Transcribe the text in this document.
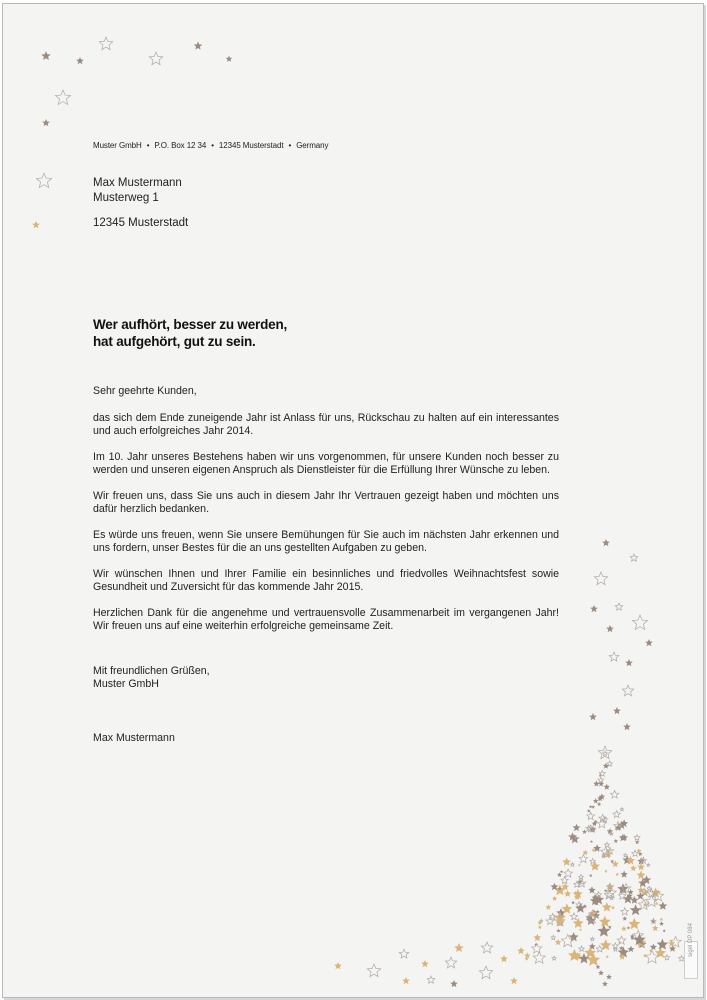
Muster GmbH • P.O. Box 12 34 • 12345 Musterstadt • Germany
Max Mustermann
Musterweg 1
12345 Musterstadt
Wer aufhört, besser zu werden,
hat aufgehört, gut zu sein.

Sehr geehrte Kunden,

das sich dem Ende zuneigende Jahr ist Anlass für uns, Rückschau zu halten auf ein interessantes und auch erfolgreiches Jahr 2014.

Im 10. Jahr unseres Bestehens haben wir uns vorgenommen, für unsere Kunden noch besser zu werden und unseren eigenen Anspruch als Dienstleister für die Erfüllung Ihrer Wünsche zu leben.

Wir freuen uns, dass Sie uns auch in diesem Jahr Ihr Vertrauen gezeigt haben und möchten uns dafür herzlich bedanken.

Es würde uns freuen, wenn Sie unsere Bemühungen für Sie auch im nächsten Jahr erkennen und uns fordern, unser Bestes für die an uns gestellten Aufgaben zu geben.

Wir wünschen Ihnen und Ihrer Familie ein besinnliches und friedvolles Weihnachtsfest sowie Gesundheit und Zuversicht für das kommende Jahr 2015.

Herzlichen Dank für die angenehme und vertrauensvolle Zusammenarbeit im vergangenen Jahr! Wir freuen uns auf eine weiterhin erfolgreiche gemeinsame Zeit.

Mit freundlichen Grüßen,
Muster GmbH
Max Mustermann
sigel DP 084
